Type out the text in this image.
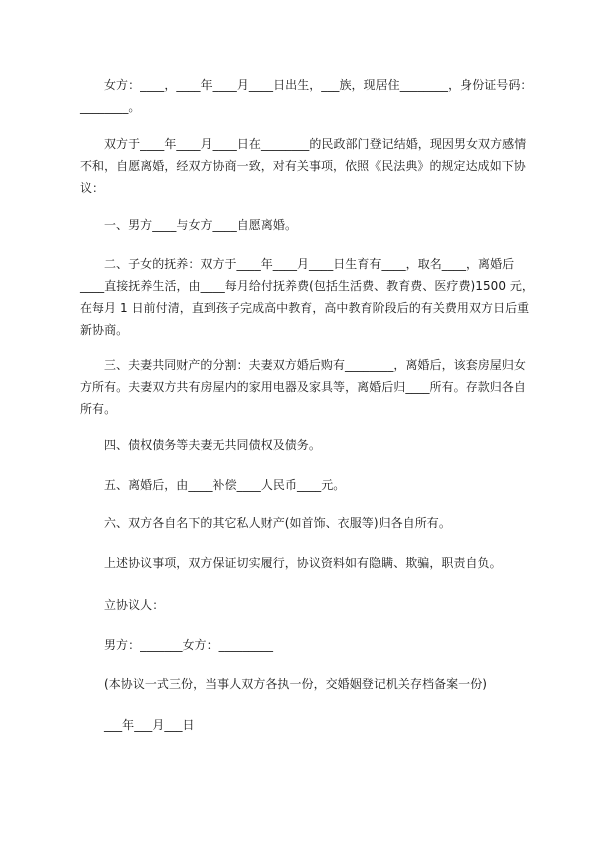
女方：____，____年____月____日出生，___族，现居住________，身份证号码：
________。
双方于____年____月____日在________的民政部门登记结婚，现因男女双方感情
不和，自愿离婚，经双方协商一致，对有关事项，依照《民法典》的规定达成如下协
议：
一、男方____与女方____自愿离婚。
二、子女的抚养：双方于____年____月____日生育有____，取名____，离婚后
____直接抚养生活，由____每月给付抚养费(包括生活费、教育费、医疗费)1500 元，
在每月 1 日前付清，直到孩子完成高中教育，高中教育阶段后的有关费用双方日后重
新协商。
三、夫妻共同财产的分割：夫妻双方婚后购有________，离婚后，该套房屋归女
方所有。夫妻双方共有房屋内的家用电器及家具等，离婚后归____所有。存款归各自
所有。
四、债权债务等夫妻无共同债权及债务。
五、离婚后，由____补偿____人民币____元。
六、双方各自名下的其它私人财产(如首饰、衣服等)归各自所有。
上述协议事项，双方保证切实履行，协议资料如有隐瞒、欺骗，职责自负。
立协议人：
男方：_______女方：_________
(本协议一式三份，当事人双方各执一份，交婚姻登记机关存档备案一份)
___年___月___日
